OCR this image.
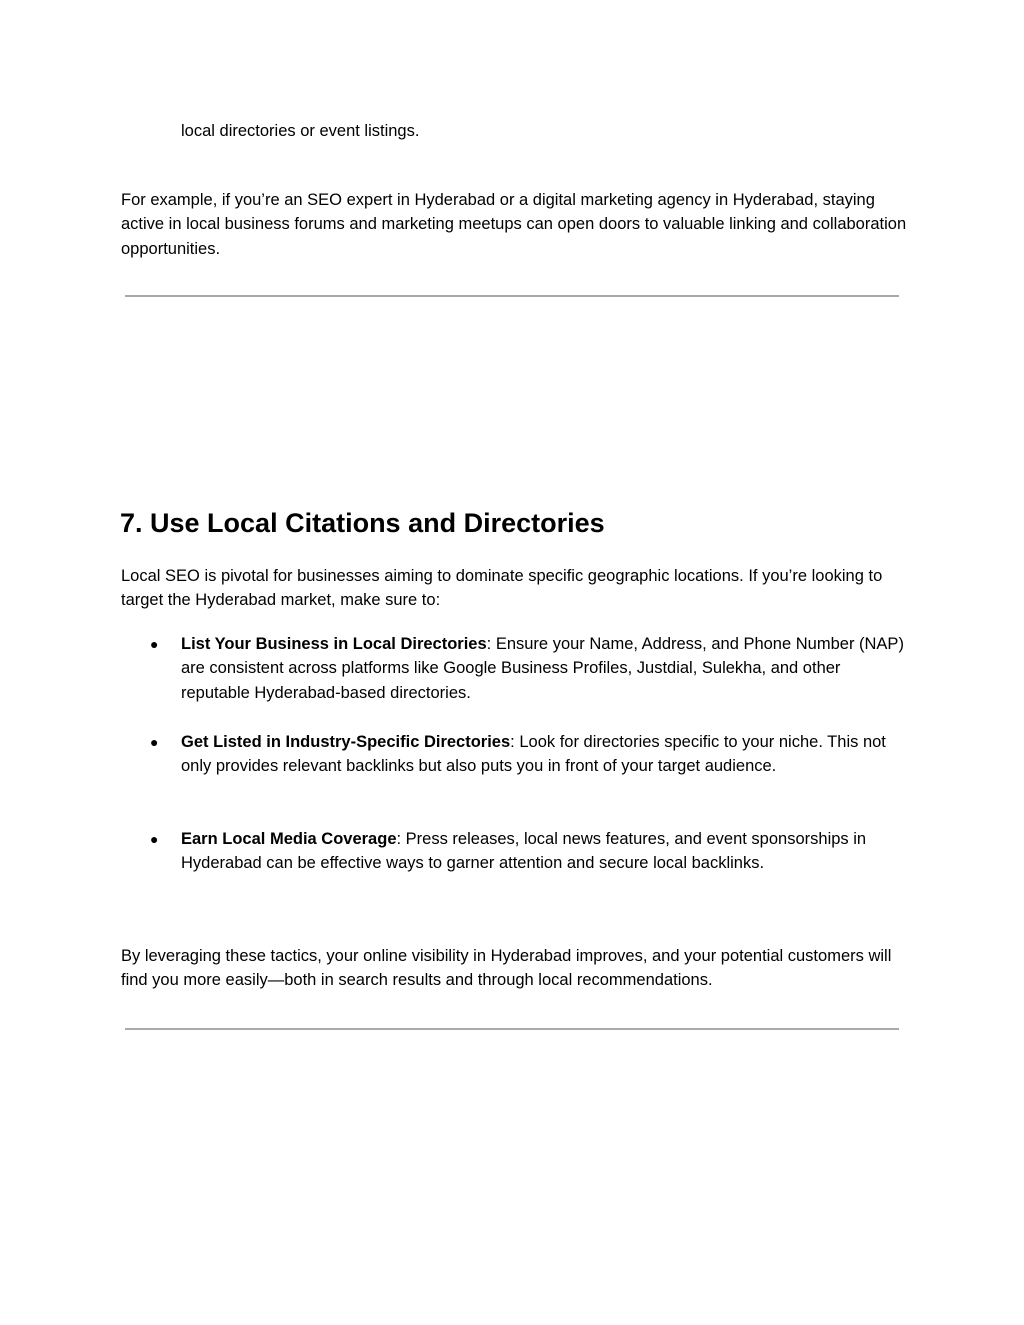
local directories or event listings.

For example, if you’re an SEO expert in Hyderabad or a digital marketing agency in Hyderabad, staying active in local business forums and marketing meetups can open doors to valuable linking and collaboration opportunities.

7. Use Local Citations and Directories

Local SEO is pivotal for businesses aiming to dominate specific geographic locations. If you’re looking to target the Hyderabad market, make sure to:

● List Your Business in Local Directories: Ensure your Name, Address, and Phone Number (NAP) are consistent across platforms like Google Business Profiles, Justdial, Sulekha, and other reputable Hyderabad-based directories.
● Get Listed in Industry-Specific Directories: Look for directories specific to your niche. This not only provides relevant backlinks but also puts you in front of your target audience.
● Earn Local Media Coverage: Press releases, local news features, and event sponsorships in Hyderabad can be effective ways to garner attention and secure local backlinks.

By leveraging these tactics, your online visibility in Hyderabad improves, and your potential customers will find you more easily—both in search results and through local recommendations.
